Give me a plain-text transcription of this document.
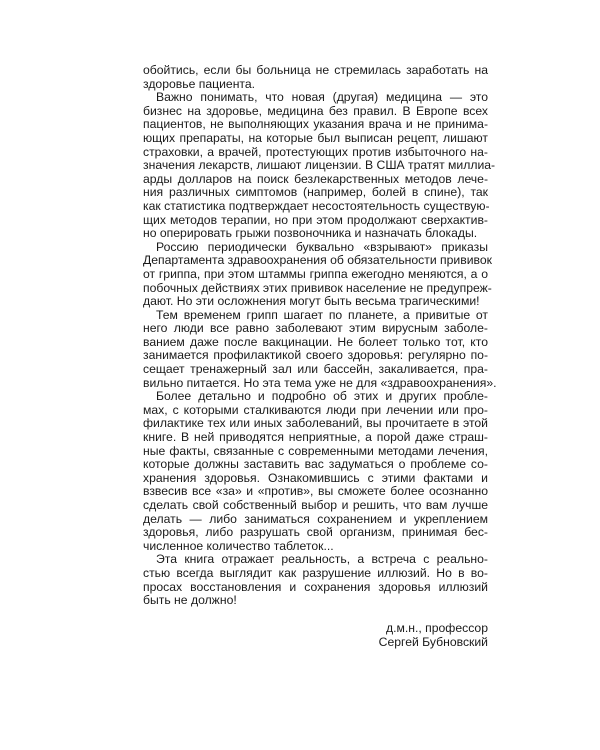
обойтись, если бы больница не стремилась заработать на
здоровье пациента.
Важно понимать, что новая (другая) медицина — это
бизнес на здоровье, медицина без правил. В Европе всех
пациентов, не выполняющих указания врача и не принима-
ющих препараты, на которые был выписан рецепт, лишают
страховки, а врачей, протестующих против избыточного на-
значения лекарств, лишают лицензии. В США тратят миллиа-
арды долларов на поиск безлекарственных методов лече-
ния различных симптомов (например, болей в спине), так
как статистика подтверждает несостоятельность существую-
щих методов терапии, но при этом продолжают сверхактив-
но оперировать грыжи позвоночника и назначать блокады.
Россию периодически буквально «взрывают» приказы
Департамента здравоохранения об обязательности прививок
от гриппа, при этом штаммы гриппа ежегодно меняются, а о
побочных действиях этих прививок население не предупреж-
дают. Но эти осложнения могут быть весьма трагическими!
Тем временем грипп шагает по планете, а привитые от
него люди все равно заболевают этим вирусным заболе-
ванием даже после вакцинации. Не болеет только тот, кто
занимается профилактикой своего здоровья: регулярно по-
сещает тренажерный зал или бассейн, закаливается, пра-
вильно питается. Но эта тема уже не для «здравоохранения».
Более детально и подробно об этих и других пробле-
мах, с которыми сталкиваются люди при лечении или про-
филактике тех или иных заболеваний, вы прочитаете в этой
книге. В ней приводятся неприятные, а порой даже страш-
ные факты, связанные с современными методами лечения,
которые должны заставить вас задуматься о проблеме со-
хранения здоровья. Ознакомившись с этими фактами и
взвесив все «за» и «против», вы сможете более осознанно
сделать свой собственный выбор и решить, что вам лучше
делать — либо заниматься сохранением и укреплением
здоровья, либо разрушать свой организм, принимая бес-
численное количество таблеток...
Эта книга отражает реальность, а встреча с реально-
стью всегда выглядит как разрушение иллюзий. Но в во-
просах восстановления и сохранения здоровья иллюзий
быть не должно!
д.м.н., профессор
Сергей Бубновский
